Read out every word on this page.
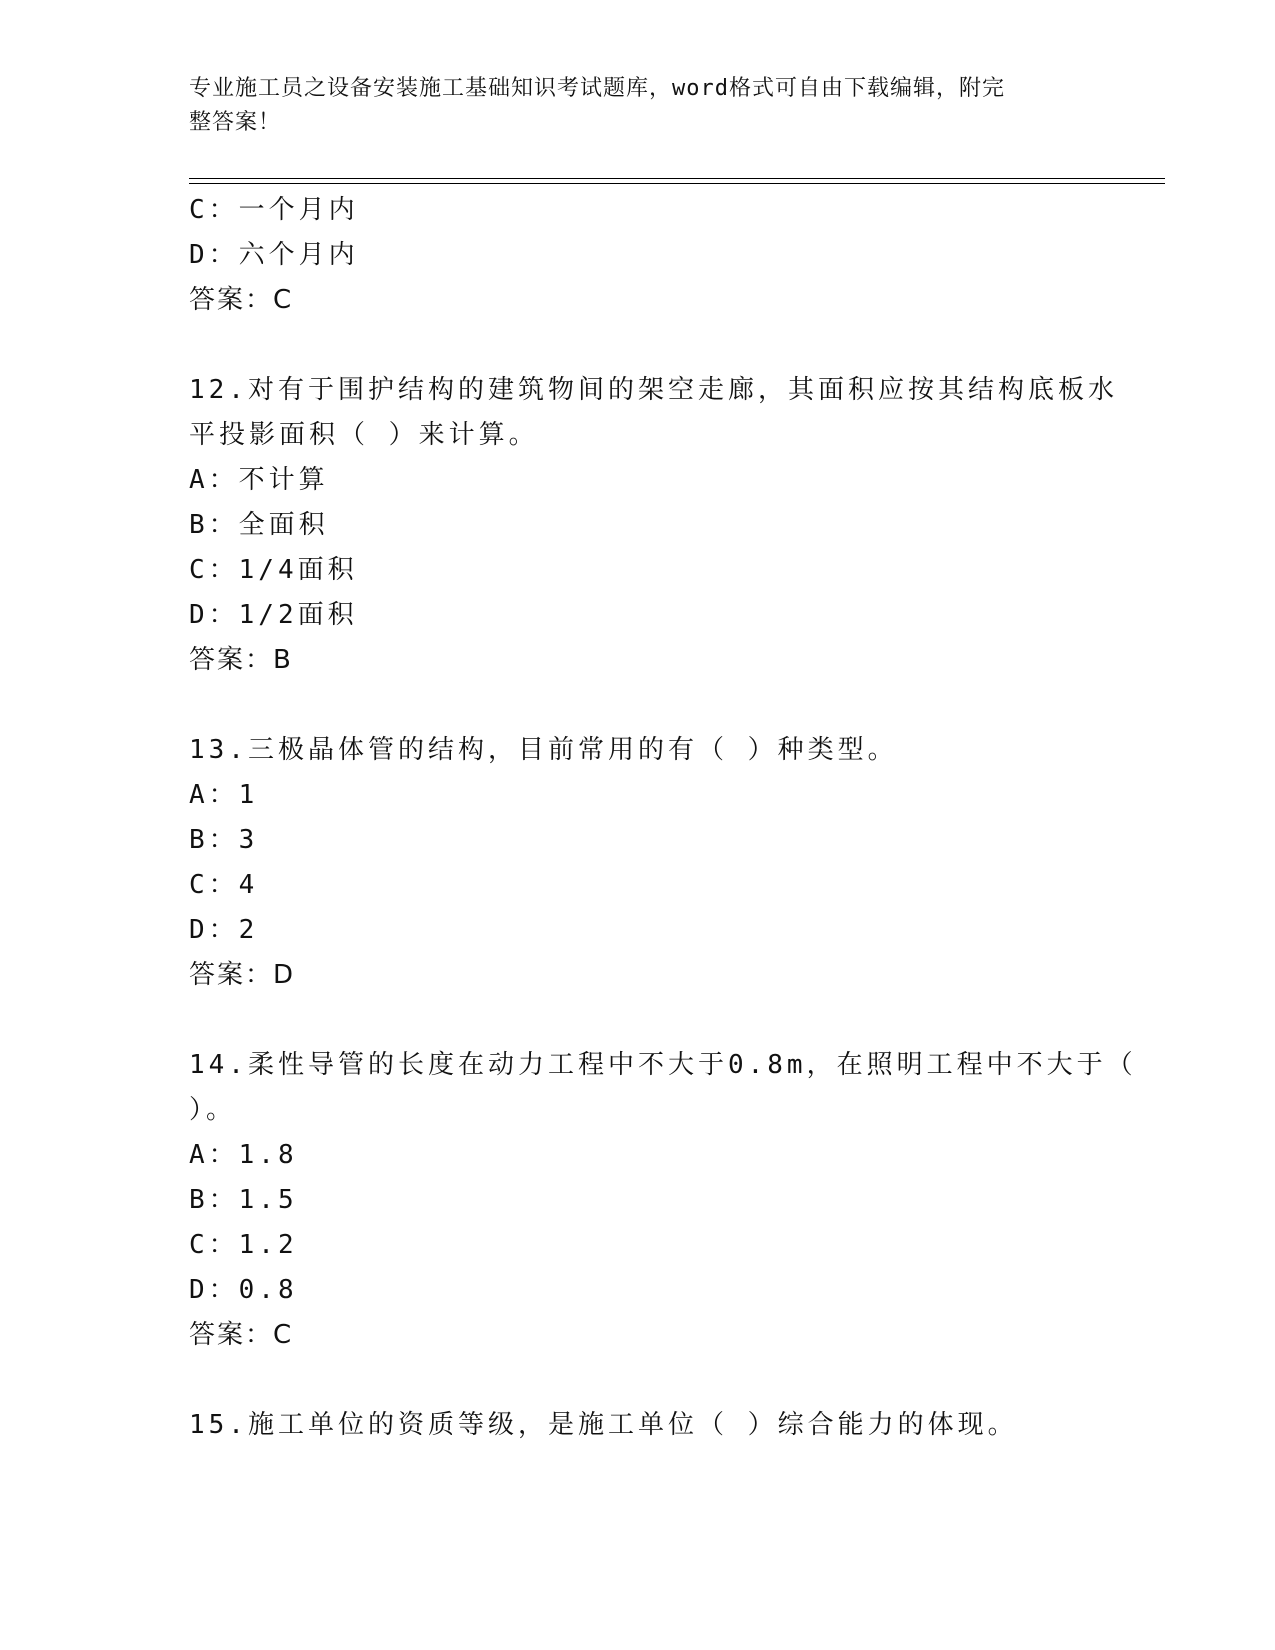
专业施工员之设备安装施工基础知识考试题库，word格式可自由下载编辑，附完
整答案！
C：一个月内
D：六个月内
答案：C
12.对有于围护结构的建筑物间的架空走廊，其面积应按其结构底板水
平投影面积（ ）来计算。
A：不计算
B：全面积
C：1/4面积
D：1/2面积
答案：B
13.三极晶体管的结构，目前常用的有（ ）种类型。
A：1
B：3
C：4
D：2
答案：D
14.柔性导管的长度在动力工程中不大于0.8m，在照明工程中不大于（
）。
A：1.8
B：1.5
C：1.2
D：0.8
答案：C
15.施工单位的资质等级，是施工单位（ ）综合能力的体现。
